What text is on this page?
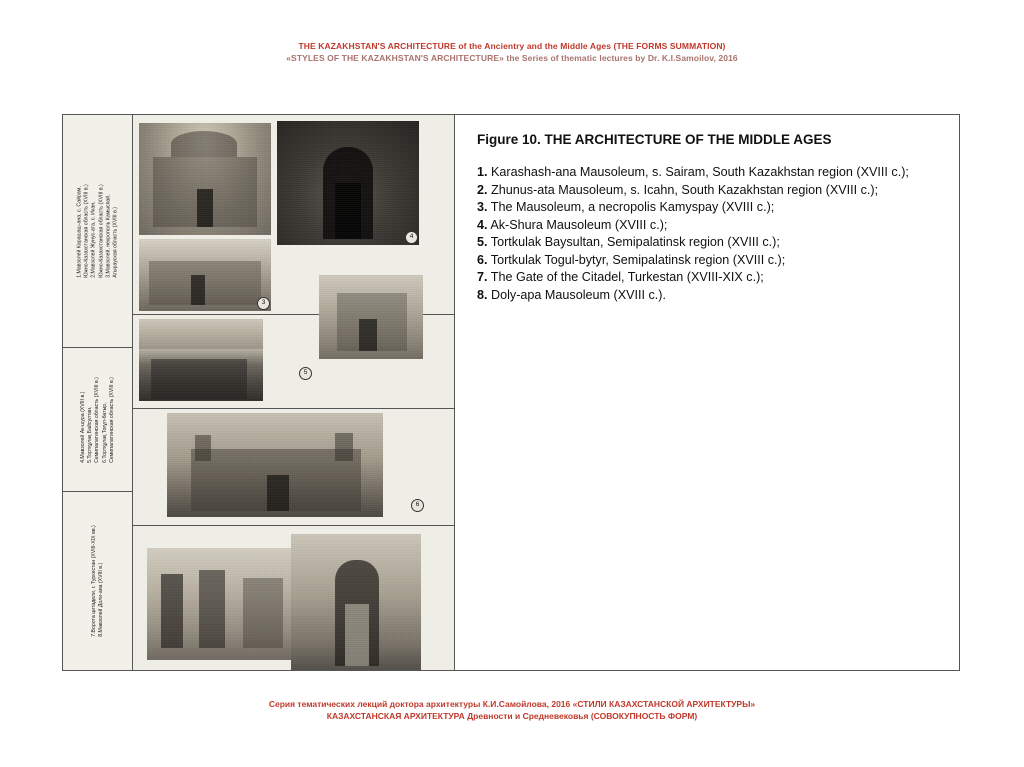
THE KAZAKHSTAN'S ARCHITECTURE of the Ancientry and the Middle Ages (THE FORMS SUMMATION)
«STYLES OF THE KAZAKHSTAN'S ARCHITECTURE» the Series of thematic lectures by Dr. K.I.Samoilov, 2016
1.Мавзолей Карашаш-ана, с. Сайрам, Южно-Казахстанская область (XVIII в.) 2.Мавзолей Жунус-ата, с. Икан, Южно-Казахстанская область (XVIII в.) 3.Мавзолей, некрополь Камыспай, Атырауская область (XVIII в.)
4.Мавзолей Ак-шура (XVIII в.) 5.Тортқұлақ Байсултан, Семипалатинская область (XVIII в.) 6.Тортқұлақ Тоғұл-батыр, Семипалатинская область (XVIII в.)
7.Ворота цитадели, г. Туркестан (XVIII-XIX вв.) 8.Мавзолей Доли-апа (XVIII в.)
4
3
5
6
Figure 10. THE ARCHITECTURE OF THE MIDDLE AGES
1. Karashash-ana Mausoleum, s. Sairam, South Kazakhstan region (XVIII c.);
2. Zhunus-ata Mausoleum, s. Icahn, South Kazakhstan region (XVIII c.);
3. The Mausoleum, a necropolis Kamyspay (XVIII c.);
4. Ak-Shura Mausoleum (XVIII c.);
5. Tortkulak Baysultan, Semipalatinsk region (XVIII c.);
6. Tortkulak Togul-bytyr, Semipalatinsk region (XVIII c.);
7. The Gate of the Citadel, Turkestan (XVIII-XIX c.);
8. Doly-apa Mausoleum (XVIII c.).
Серия тематических лекций доктора архитектуры К.И.Самойлова, 2016 «СТИЛИ КАЗАХСТАНСКОЙ АРХИТЕКТУРЫ»
КАЗАХСТАНСКАЯ АРХИТЕКТУРА Древности и Средневековья (СОВОКУПНОСТЬ ФОРМ)
